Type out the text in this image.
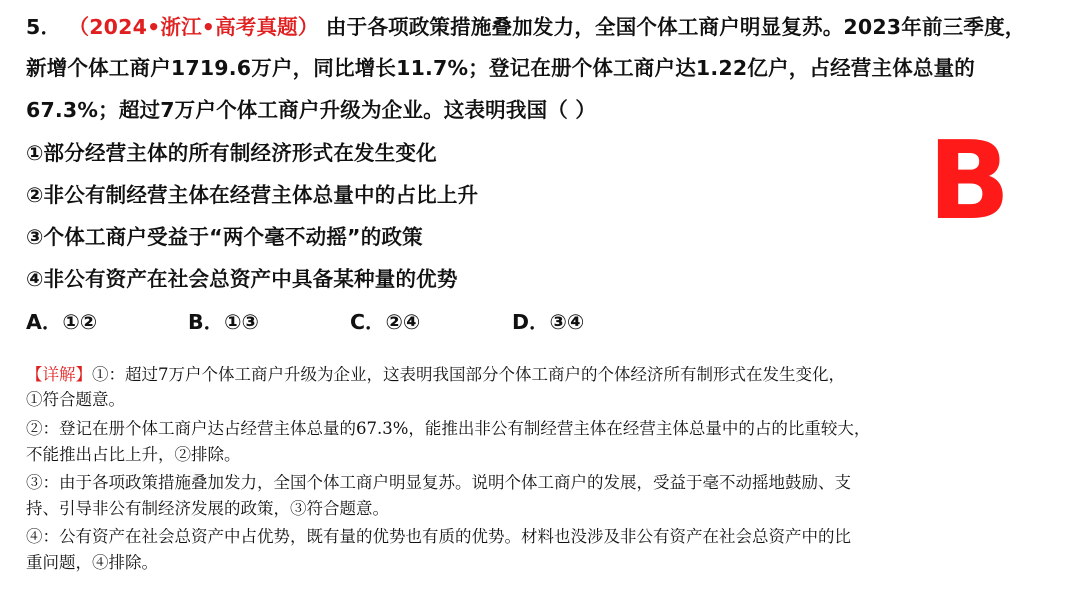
5． （2024•浙江•高考真题） 由于各项政策措施叠加发力，全国个体工商户明显复苏。2023年前三季度，
新增个体工商户1719.6万户，同比增长11.7%；登记在册个体工商户达1.22亿户，占经营主体总量的
67.3%；超过7万户个体工商户升级为企业。这表明我国（ ）
①部分经营主体的所有制经济形式在发生变化
②非公有制经营主体在经营主体总量中的占比上升
③个体工商户受益于“两个毫不动摇”的政策
④非公有资产在社会总资产中具备某种量的优势
B
A．①②	B．①③	C．②④	D．③④
【详解】①：超过7万户个体工商户升级为企业，这表明我国部分个体工商户的个体经济所有制形式在发生变化，
①符合题意。
②：登记在册个体工商户达占经营主体总量的67.3%，能推出非公有制经营主体在经营主体总量中的占的比重较大，
不能推出占比上升，②排除。
③：由于各项政策措施叠加发力，全国个体工商户明显复苏。说明个体工商户的发展，受益于毫不动摇地鼓励、支
持、引导非公有制经济发展的政策，③符合题意。
④：公有资产在社会总资产中占优势，既有量的优势也有质的优势。材料也没涉及非公有资产在社会总资产中的比
重问题，④排除。
